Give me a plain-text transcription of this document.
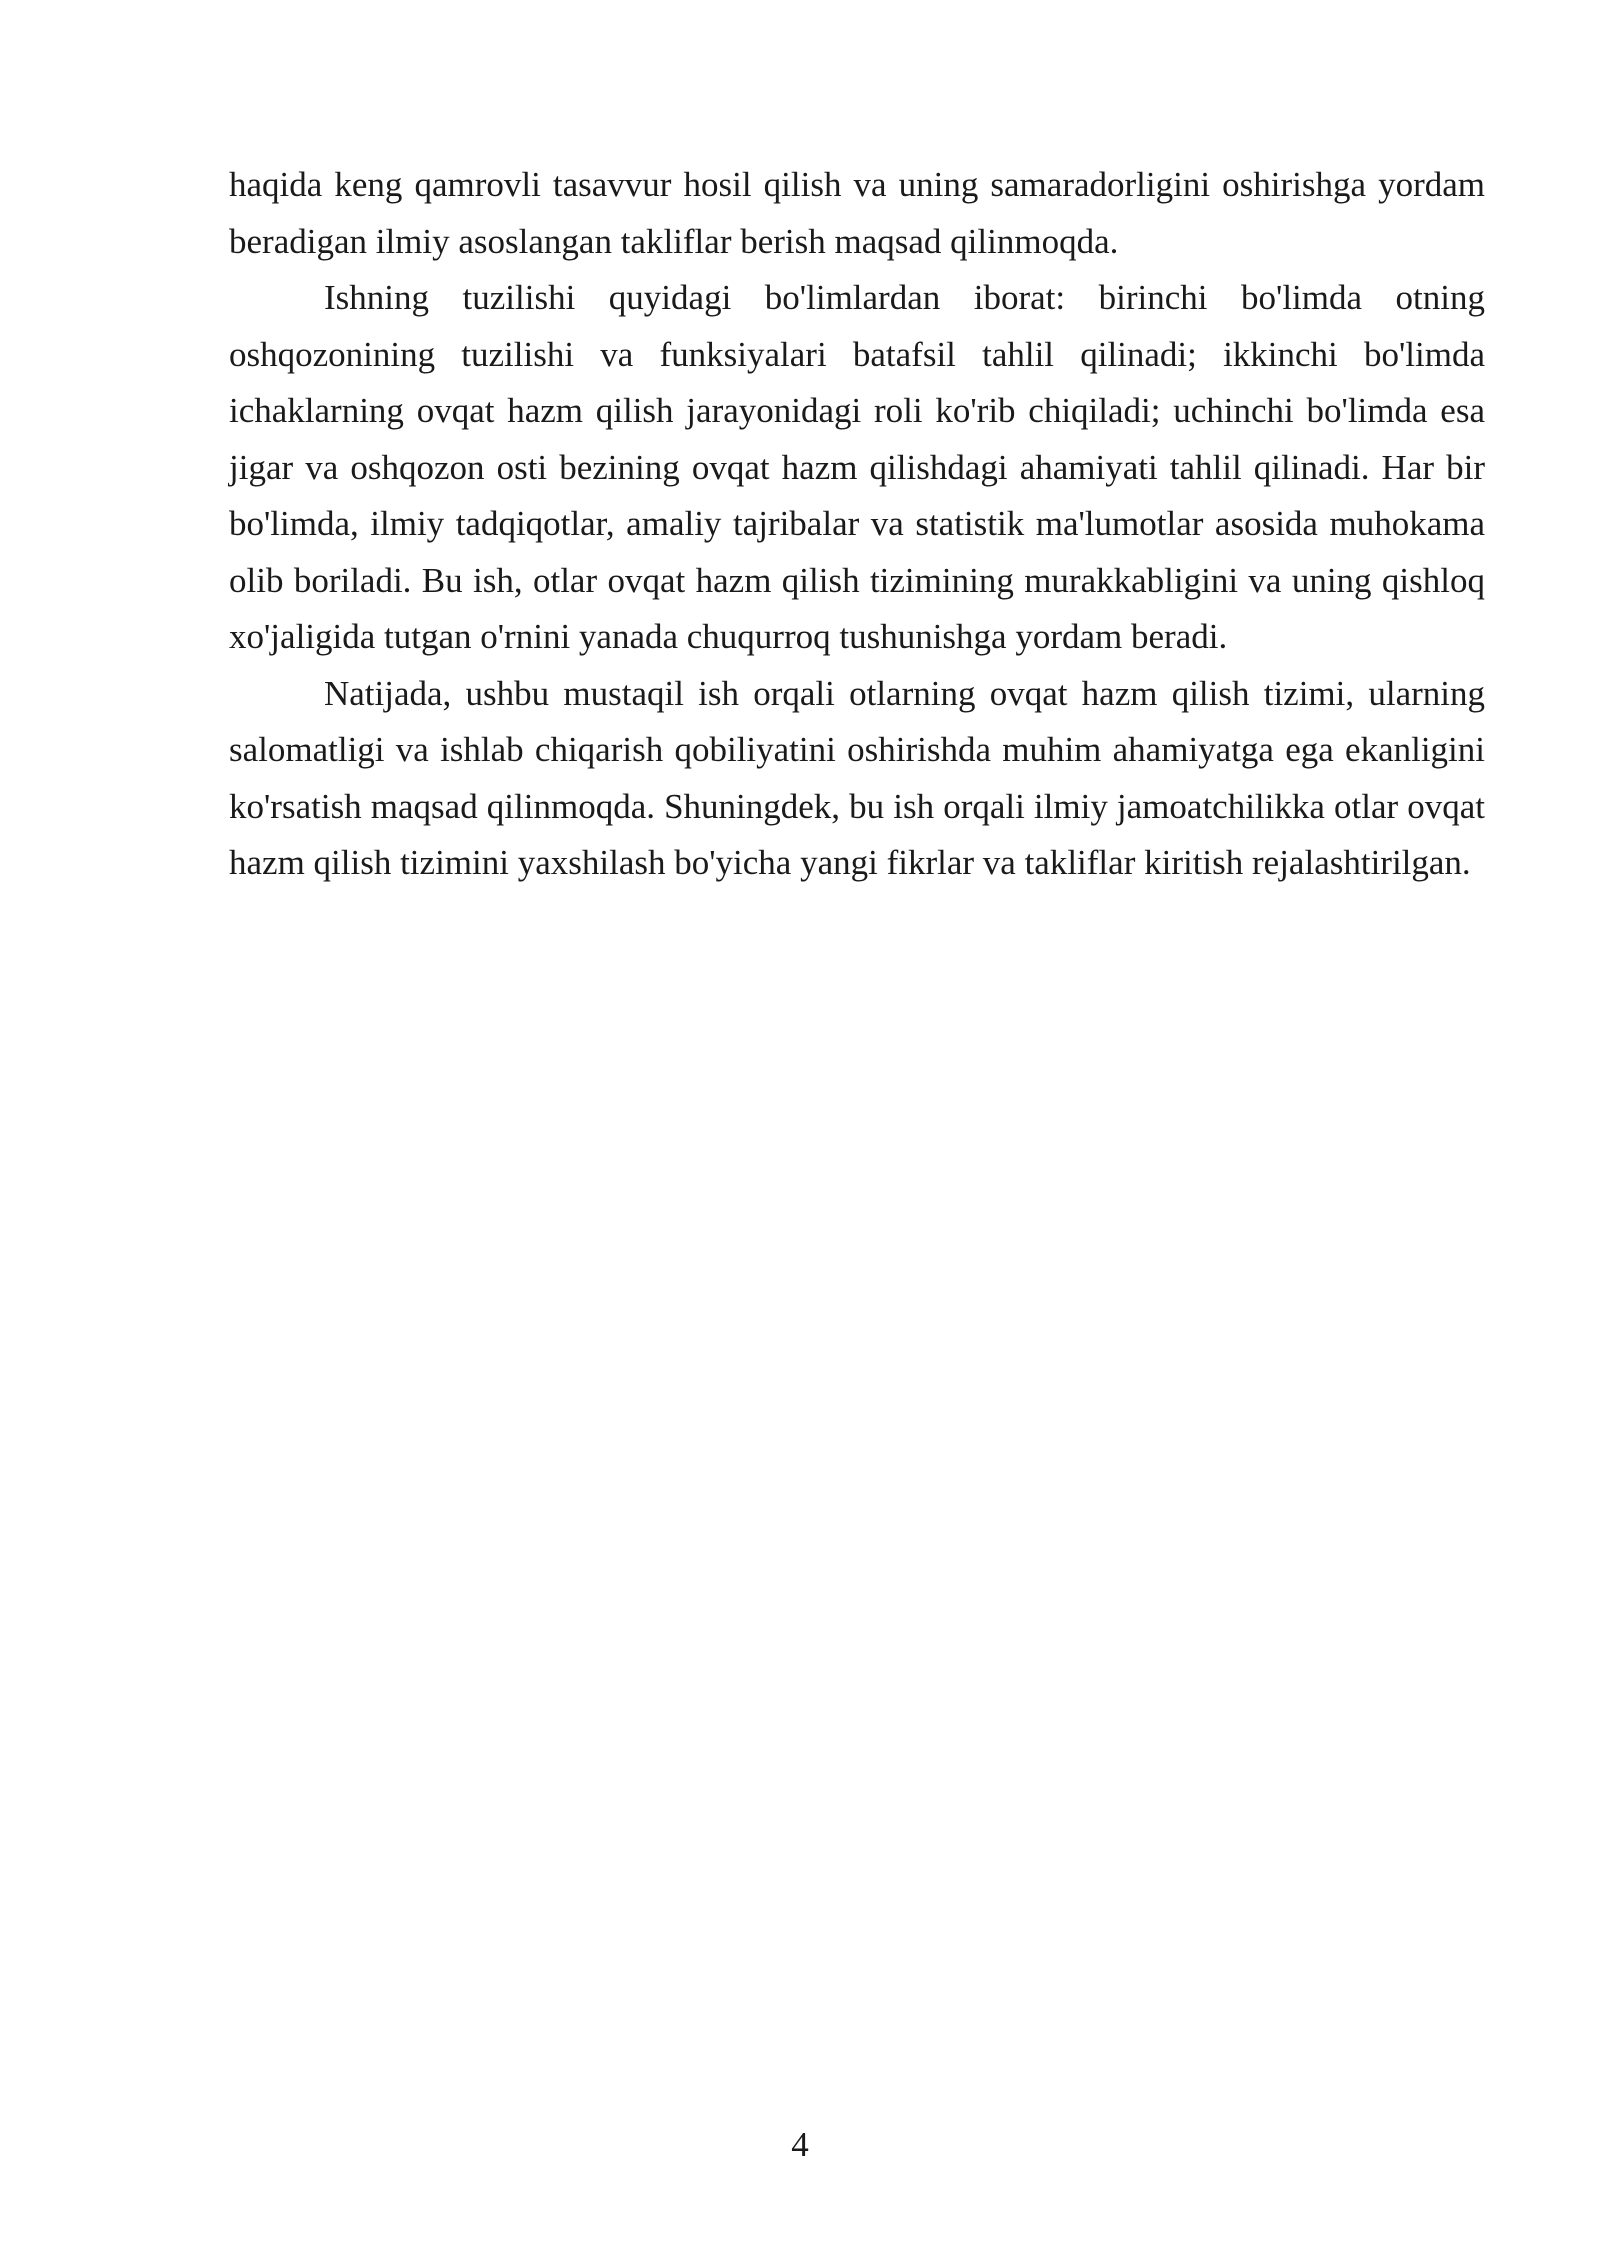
haqida keng qamrovli tasavvur hosil qilish va uning samaradorligini oshirishga yordam beradigan ilmiy asoslangan takliflar berish maqsad qilinmoqda.

Ishning tuzilishi quyidagi bo'limlardan iborat: birinchi bo'limda otning oshqozonining tuzilishi va funksiyalari batafsil tahlil qilinadi; ikkinchi bo'limda ichaklarning ovqat hazm qilish jarayonidagi roli ko'rib chiqiladi; uchinchi bo'limda esa jigar va oshqozon osti bezining ovqat hazm qilishdagi ahamiyati tahlil qilinadi. Har bir bo'limda, ilmiy tadqiqotlar, amaliy tajribalar va statistik ma'lumotlar asosida muhokama olib boriladi. Bu ish, otlar ovqat hazm qilish tizimining murakkabligini va uning qishloq xo'jaligida tutgan o'rnini yanada chuqurroq tushunishga yordam beradi.

Natijada, ushbu mustaqil ish orqali otlarning ovqat hazm qilish tizimi, ularning salomatligi va ishlab chiqarish qobiliyatini oshirishda muhim ahamiyatga ega ekanligini ko'rsatish maqsad qilinmoqda. Shuningdek, bu ish orqali ilmiy jamoatchilikka otlar ovqat hazm qilish tizimini yaxshilash bo'yicha yangi fikrlar va takliflar kiritish rejalashtirilgan.

4
